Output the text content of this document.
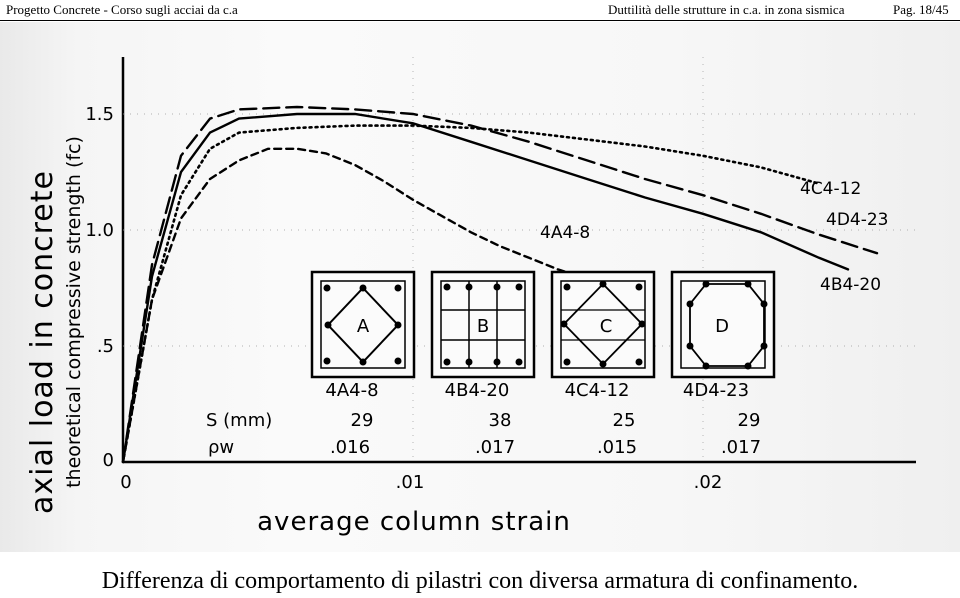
Progetto Concrete - Corso sugli acciai da c.a	Duttilità delle strutture in c.a. in zona sismica	Pag. 18/45
axial load in concrete theoretical compressive strength (fc)
1.5
1.0
.5
0
0	.01	.02
average column strain
4C4-12
4D4-23
4A4-8
4B4-20
A	B	C	D
4A4-8	4B4-20	4C4-12	4D4-23
S (mm)	29	38	25	29
ρw	.016	.017	.015	.017
Differenza di comportamento di pilastri con diversa armatura di confinamento.
